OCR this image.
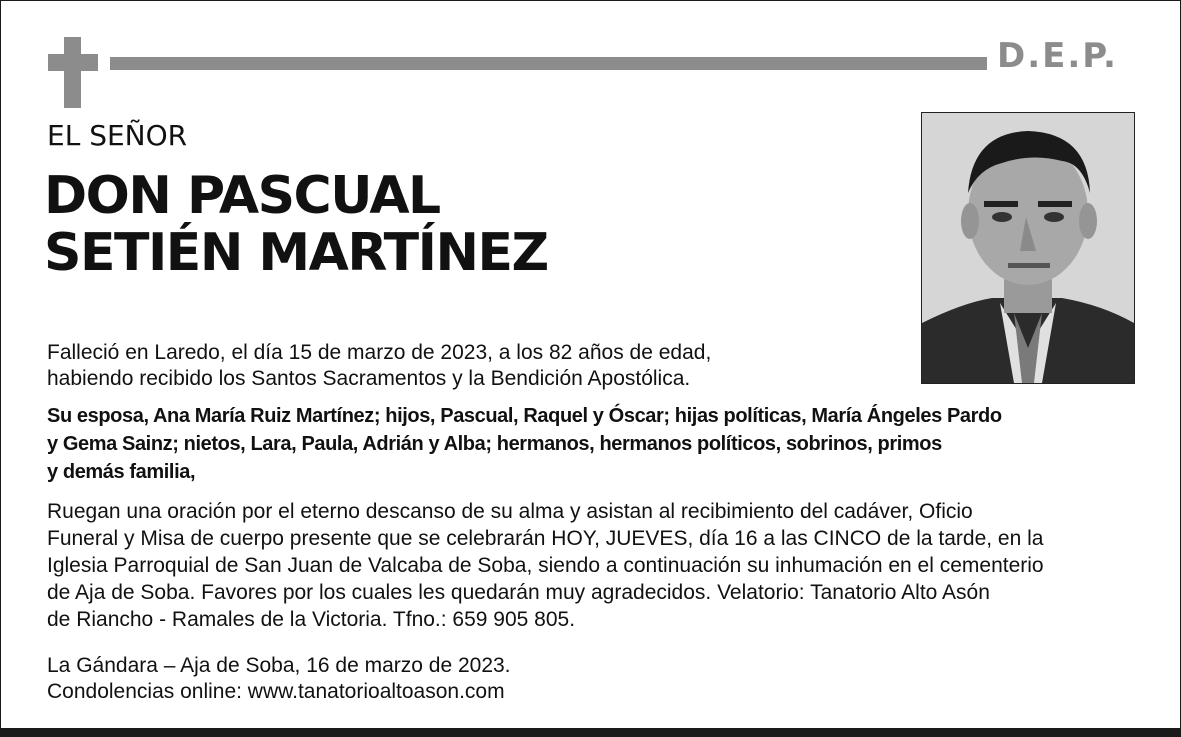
D.E.P.
EL SEÑOR
DON PASCUAL
SETIÉN MARTÍNEZ
Falleció en Laredo, el día 15 de marzo de 2023, a los 82 años de edad,
habiendo recibido los Santos Sacramentos y la Bendición Apostólica.
Su esposa, Ana María Ruiz Martínez; hijos, Pascual, Raquel y Óscar; hijas políticas, María Ángeles Pardo
y Gema Sainz; nietos, Lara, Paula, Adrián y Alba; hermanos, hermanos políticos, sobrinos, primos
y demás familia,
Ruegan una oración por el eterno descanso de su alma y asistan al recibimiento del cadáver, Oficio
Funeral y Misa de cuerpo presente que se celebrarán HOY, JUEVES, día 16 a las CINCO de la tarde, en la
Iglesia Parroquial de San Juan de Valcaba de Soba, siendo a continuación su inhumación en el cementerio
de Aja de Soba. Favores por los cuales les quedarán muy agradecidos. Velatorio: Tanatorio Alto Asón
de Riancho - Ramales de la Victoria. Tfno.: 659 905 805.
La Gándara – Aja de Soba, 16 de marzo de 2023.
Condolencias online: www.tanatorioaltoason.com
